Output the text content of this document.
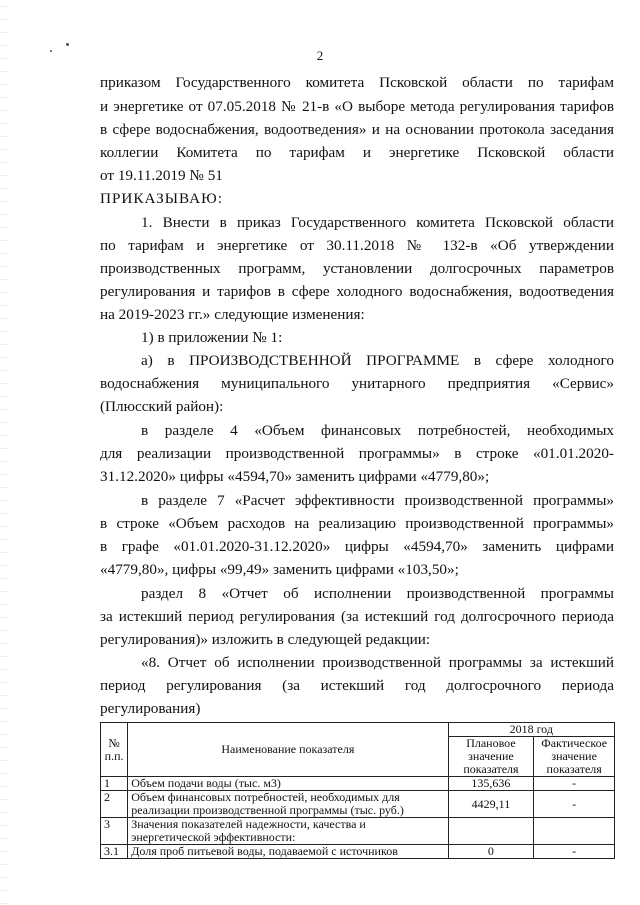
2
приказом Государственного комитета Псковской области по тарифам
и энергетике от 07.05.2018 № 21-в «О выборе метода регулирования тарифов
в сфере водоснабжения, водоотведения» и на основании протокола заседания
коллегии Комитета по тарифам и энергетике Псковской области
от 19.11.2019 № 51
ПРИКАЗЫВАЮ:
1. Внести в приказ Государственного комитета Псковской области
по тарифам и энергетике от 30.11.2018 № 132-в «Об утверждении
производственных программ, установлении долгосрочных параметров
регулирования и тарифов в сфере холодного водоснабжения, водоотведения
на 2019-2023 гг.» следующие изменения:
1) в приложении № 1:
а) в ПРОИЗВОДСТВЕННОЙ ПРОГРАММЕ в сфере холодного
водоснабжения муниципального унитарного предприятия «Сервис»
(Плюсский район):
в разделе 4 «Объем финансовых потребностей, необходимых
для реализации производственной программы» в строке «01.01.2020-
31.12.2020» цифры «4594,70» заменить цифрами «4779,80»;
в разделе 7 «Расчет эффективности производственной программы»
в строке «Объем расходов на реализацию производственной программы»
в графе «01.01.2020-31.12.2020» цифры «4594,70» заменить цифрами
«4779,80», цифры «99,49» заменить цифрами «103,50»;
раздел 8 «Отчет об исполнении производственной программы
за истекший период регулирования (за истекший год долгосрочного периода
регулирования)» изложить в следующей редакции:
«8. Отчет об исполнении производственной программы за истекший
период регулирования (за истекший год долгосрочного периода
регулирования)
№ п.п.	Наименование показателя	2018 год	
		Плановое значение показателя	Фактическое значение показателя
1	Объем подачи воды (тыс. м3)	135,636	-
2	Объем финансовых потребностей, необходимых для реализации производственной программы (тыс. руб.)	4429,11	-
3	Значения показателей надежности, качества и энергетической эффективности:		
3.1	Доля проб питьевой воды, подаваемой с источников	0	-
